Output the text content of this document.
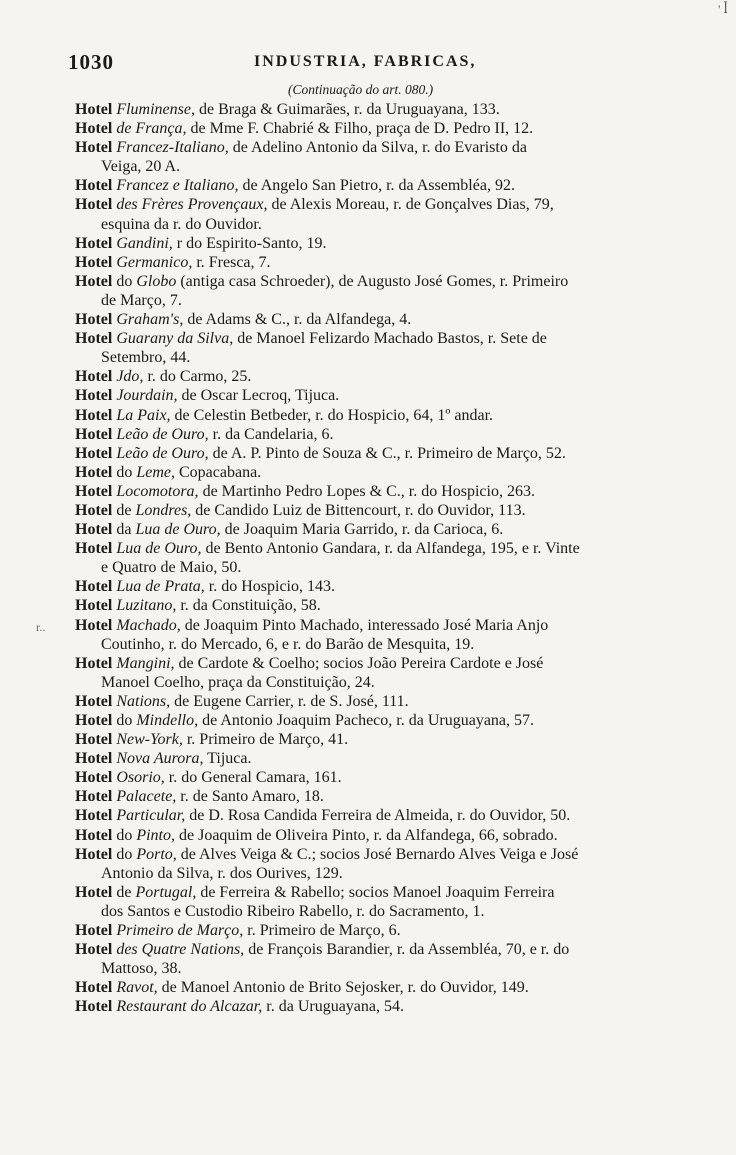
' ꟾ
r..
1030	INDUSTRIA, FABRICAS,
(Continuação do art. 080.)
Hotel Fluminense, de Braga & Guimarães, r. da Uruguayana, 133.
Hotel de França, de Mme F. Chabrié & Filho, praça de D. Pedro II, 12.
Hotel Francez-Italiano, de Adelino Antonio da Silva, r. do Evaristo da
Veiga, 20 A.
Hotel Francez e Italiano, de Angelo San Pietro, r. da Assembléa, 92.
Hotel des Frères Provençaux, de Alexis Moreau, r. de Gonçalves Dias, 79,
esquina da r. do Ouvidor.
Hotel Gandini, r do Espirito-Santo, 19.
Hotel Germanico, r. Fresca, 7.
Hotel do Globo (antiga casa Schroeder), de Augusto José Gomes, r. Primeiro
de Março, 7.
Hotel Graham's, de Adams & C., r. da Alfandega, 4.
Hotel Guarany da Silva, de Manoel Felizardo Machado Bastos, r. Sete de
Setembro, 44.
Hotel Jdo, r. do Carmo, 25.
Hotel Jourdain, de Oscar Lecroq, Tijuca.
Hotel La Paix, de Celestin Betbeder, r. do Hospicio, 64, 1º andar.
Hotel Leão de Ouro, r. da Candelaria, 6.
Hotel Leão de Ouro, de A. P. Pinto de Souza & C., r. Primeiro de Março, 52.
Hotel do Leme, Copacabana.
Hotel Locomotora, de Martinho Pedro Lopes & C., r. do Hospicio, 263.
Hotel de Londres, de Candido Luiz de Bittencourt, r. do Ouvidor, 113.
Hotel da Lua de Ouro, de Joaquim Maria Garrido, r. da Carioca, 6.
Hotel Lua de Ouro, de Bento Antonio Gandara, r. da Alfandega, 195, e r. Vinte
e Quatro de Maio, 50.
Hotel Lua de Prata, r. do Hospicio, 143.
Hotel Luzitano, r. da Constituição, 58.
Hotel Machado, de Joaquim Pinto Machado, interessado José Maria Anjo
Coutinho, r. do Mercado, 6, e r. do Barão de Mesquita, 19.
Hotel Mangini, de Cardote & Coelho; socios João Pereira Cardote e José
Manoel Coelho, praça da Constituição, 24.
Hotel Nations, de Eugene Carrier, r. de S. José, 111.
Hotel do Mindello, de Antonio Joaquim Pacheco, r. da Uruguayana, 57.
Hotel New-York, r. Primeiro de Março, 41.
Hotel Nova Aurora, Tijuca.
Hotel Osorio, r. do General Camara, 161.
Hotel Palacete, r. de Santo Amaro, 18.
Hotel Particular, de D. Rosa Candida Ferreira de Almeida, r. do Ouvidor, 50.
Hotel do Pinto, de Joaquim de Oliveira Pinto, r. da Alfandega, 66, sobrado.
Hotel do Porto, de Alves Veiga & C.; socios José Bernardo Alves Veiga e José
Antonio da Silva, r. dos Ourives, 129.
Hotel de Portugal, de Ferreira & Rabello; socios Manoel Joaquim Ferreira
dos Santos e Custodio Ribeiro Rabello, r. do Sacramento, 1.
Hotel Primeiro de Março, r. Primeiro de Março, 6.
Hotel des Quatre Nations, de François Barandier, r. da Assembléa, 70, e r. do
Mattoso, 38.
Hotel Ravot, de Manoel Antonio de Brito Sejosker, r. do Ouvidor, 149.
Hotel Restaurant do Alcazar, r. da Uruguayana, 54.
